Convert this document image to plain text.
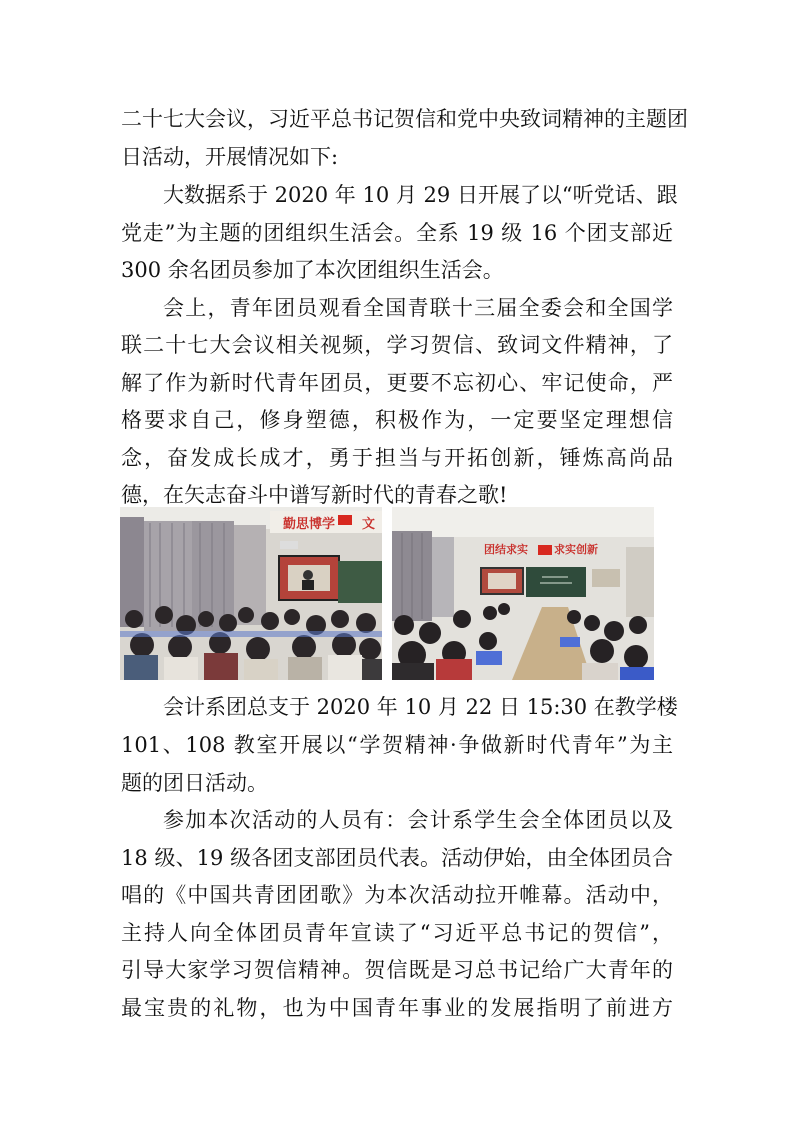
二十七大会议，习近平总书记贺信和党中央致词精神的主题团
日活动，开展情况如下:
大数据系于 2020 年 10 月 29 日开展了以“听党话、跟
党走”为主题的团组织生活会。全系 19 级 16 个团支部近
300 余名团员参加了本次团组织生活会。
会上，青年团员观看全国青联十三届全委会和全国学
联二十七大会议相关视频，学习贺信、致词文件精神，了
解了作为新时代青年团员，更要不忘初心、牢记使命，严
格要求自己，修身塑德，积极作为，一定要坚定理想信
念，奋发成长成才，勇于担当与开拓创新，锤炼高尚品
德，在矢志奋斗中谱写新时代的青春之歌!
勤思博学 文
团结求实 求实创新
会计系团总支于 2020 年 10 月 22 日 15:30 在教学楼
101、108 教室开展以“学贺精神·争做新时代青年”为主
题的团日活动。
参加本次活动的人员有：会计系学生会全体团员以及
18 级、19 级各团支部团员代表。活动伊始，由全体团员合
唱的《中国共青团团歌》为本次活动拉开帷幕。活动中，
主持人向全体团员青年宣读了“习近平总书记的贺信”，
引导大家学习贺信精神。贺信既是习总书记给广大青年的
最宝贵的礼物，也为中国青年事业的发展指明了前进方
